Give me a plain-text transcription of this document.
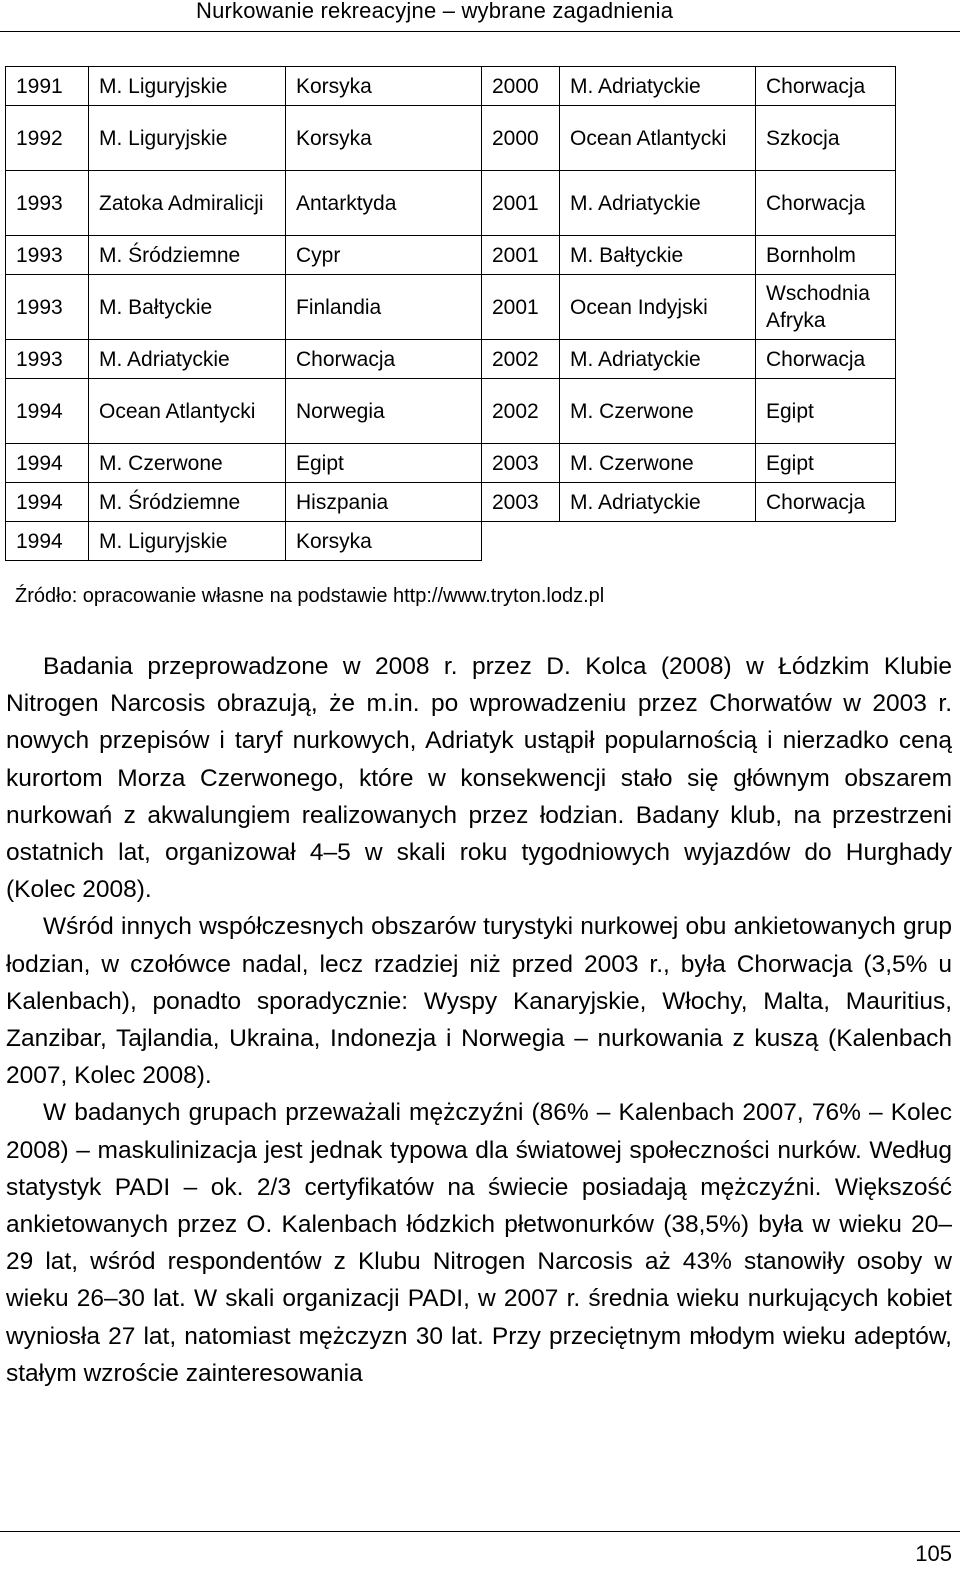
Nurkowanie rekreacyjne – wybrane zagadnienia
1991	M. Liguryjskie	Korsyka	2000	M. Adriatyckie	Chorwacja
1992	M. Liguryjskie	Korsyka	2000	Ocean Atlantycki	Szkocja
1993	Zatoka Admiralicji	Antarktyda	2001	M. Adriatyckie	Chorwacja
1993	M. Śródziemne	Cypr	2001	M. Bałtyckie	Bornholm
1993	M. Bałtyckie	Finlandia	2001	Ocean Indyjski	Wschodnia Afryka
1993	M. Adriatyckie	Chorwacja	2002	M. Adriatyckie	Chorwacja
1994	Ocean Atlantycki	Norwegia	2002	M. Czerwone	Egipt
1994	M. Czerwone	Egipt	2003	M. Czerwone	Egipt
1994	M. Śródziemne	Hiszpania	2003	M. Adriatyckie	Chorwacja
1994	M. Liguryjskie	Korsyka			
Źródło: opracowanie własne na podstawie http://www.tryton.lodz.pl

Badania przeprowadzone w 2008 r. przez D. Kolca (2008) w Łódzkim Klubie Nitrogen Narcosis obrazują, że m.in. po wprowadzeniu przez Chorwatów w 2003 r. nowych przepisów i taryf nurkowych, Adriatyk ustąpił popularnością i nierzadko ceną kurortom Morza Czerwonego, które w konsekwencji stało się głównym obszarem nurkowań z akwalungiem realizowanych przez łodzian. Badany klub, na przestrzeni ostatnich lat, organizował 4–5 w skali roku tygodniowych wyjazdów do Hurghady (Kolec 2008).

Wśród innych współczesnych obszarów turystyki nurkowej obu ankietowanych grup łodzian, w czołówce nadal, lecz rzadziej niż przed 2003 r., była Chorwacja (3,5% u Kalenbach), ponadto sporadycznie: Wyspy Kanaryjskie, Włochy, Malta, Mauritius, Zanzibar, Tajlandia, Ukraina, Indonezja i Norwegia – nurkowania z kuszą (Kalenbach 2007, Kolec 2008).

W badanych grupach przeważali mężczyźni (86% – Kalenbach 2007, 76% – Kolec 2008) – maskulinizacja jest jednak typowa dla światowej społeczności nurków. Według statystyk PADI – ok. 2/3 certyfikatów na świecie posiadają mężczyźni. Większość ankietowanych przez O. Kalenbach łódzkich płetwonurków (38,5%) była w wieku 20–29 lat, wśród respondentów z Klubu Nitrogen Narcosis aż 43% stanowiły osoby w wieku 26–30 lat. W skali organizacji PADI, w 2007 r. średnia wieku nurkujących kobiet wyniosła 27 lat, natomiast mężczyzn 30 lat. Przy przeciętnym młodym wieku adeptów, stałym wzroście zainteresowania

105
